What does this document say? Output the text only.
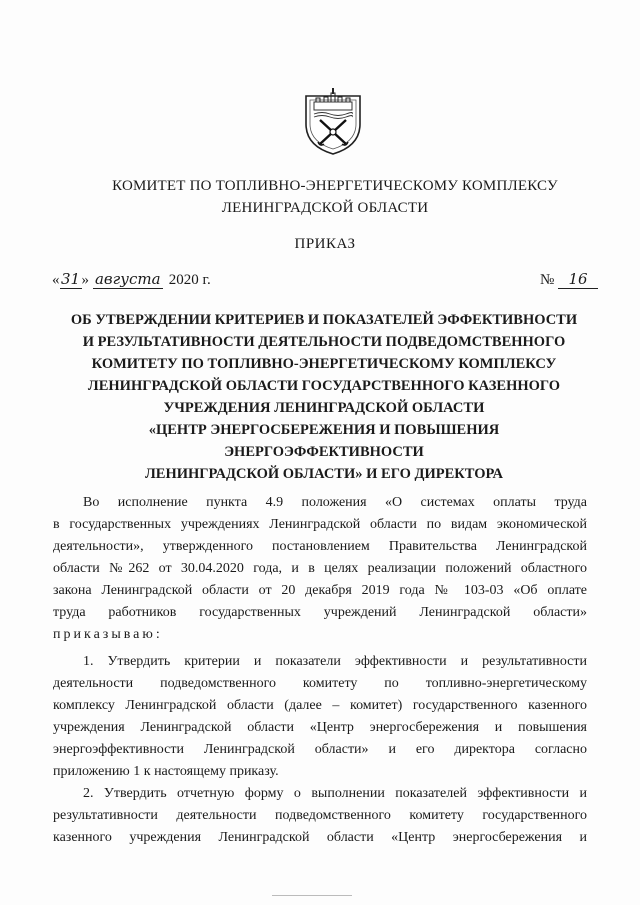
КОМИТЕТ ПО ТОПЛИВНО-ЭНЕРГЕТИЧЕСКОМУ КОМПЛЕКСУ
ЛЕНИНГРАДСКОЙ ОБЛАСТИ
ПРИКАЗ
«31» августа 2020 г.	№ 16
ОБ УТВЕРЖДЕНИИ КРИТЕРИЕВ И ПОКАЗАТЕЛЕЙ ЭФФЕКТИВНОСТИ
И РЕЗУЛЬТАТИВНОСТИ ДЕЯТЕЛЬНОСТИ ПОДВЕДОМСТВЕННОГО
КОМИТЕТУ ПО ТОПЛИВНО-ЭНЕРГЕТИЧЕСКОМУ КОМПЛЕКСУ
ЛЕНИНГРАДСКОЙ ОБЛАСТИ ГОСУДАРСТВЕННОГО КАЗЕННОГО
УЧРЕЖДЕНИЯ ЛЕНИНГРАДСКОЙ ОБЛАСТИ
«ЦЕНТР ЭНЕРГОСБЕРЕЖЕНИЯ И ПОВЫШЕНИЯ
ЭНЕРГОЭФФЕКТИВНОСТИ
ЛЕНИНГРАДСКОЙ ОБЛАСТИ» И ЕГО ДИРЕКТОРА
Во исполнение пункта 4.9 положения «О системах оплаты труда
в государственных учреждениях Ленинградской области по видам экономической
деятельности», утвержденного постановлением Правительства Ленинградской
области №262 от 30.04.2020 года, и в целях реализации положений областного
закона Ленинградской области от 20 декабря 2019 года № 103-03 «Об оплате
труда работников государственных учреждений Ленинградской области»
приказываю:
1. Утвердить критерии и показатели эффективности и результативности
деятельности подведомственного комитету по топливно-энергетическому
комплексу Ленинградской области (далее – комитет) государственного казенного
учреждения Ленинградской области «Центр энергосбережения и повышения
энергоэффективности Ленинградской области» и его директора согласно
приложению 1 к настоящему приказу.
2. Утвердить отчетную форму о выполнении показателей эффективности и
результативности деятельности подведомственного комитету государственного
казенного учреждения Ленинградской области «Центр энергосбережения и
